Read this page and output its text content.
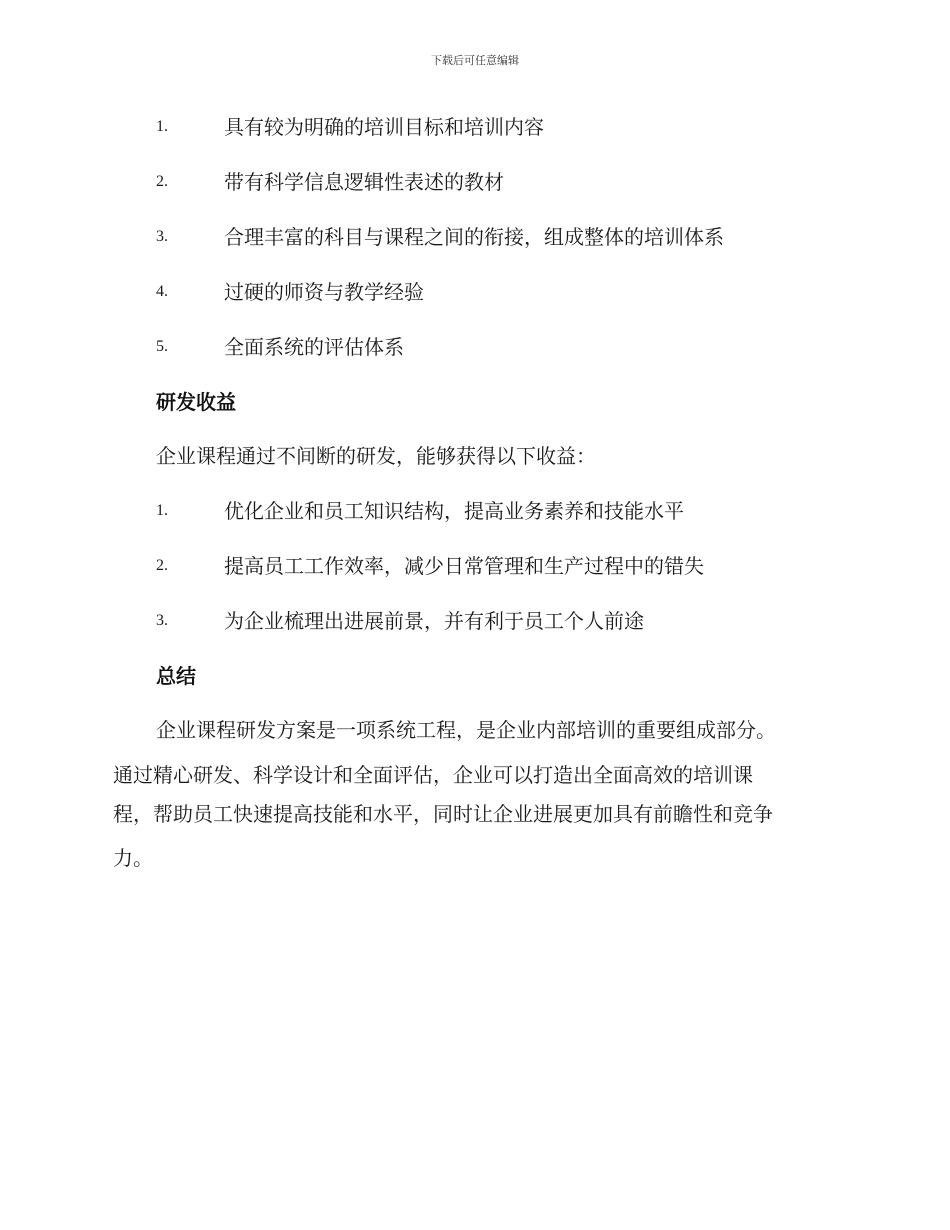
下载后可任意编辑
1.	具有较为明确的培训目标和培训内容
2.	带有科学信息逻辑性表述的教材
3.	合理丰富的科目与课程之间的衔接，组成整体的培训体系
4.	过硬的师资与教学经验
5.	全面系统的评估体系
研发收益
企业课程通过不间断的研发，能够获得以下收益：
1.	优化企业和员工知识结构，提高业务素养和技能水平
2.	提高员工工作效率，减少日常管理和生产过程中的错失
3.	为企业梳理出进展前景，并有利于员工个人前途
总结
企业课程研发方案是一项系统工程，是企业内部培训的重要组成部分。
通过精心研发、科学设计和全面评估，企业可以打造出全面高效的培训课
程，帮助员工快速提高技能和水平，同时让企业进展更加具有前瞻性和竞争
力。
